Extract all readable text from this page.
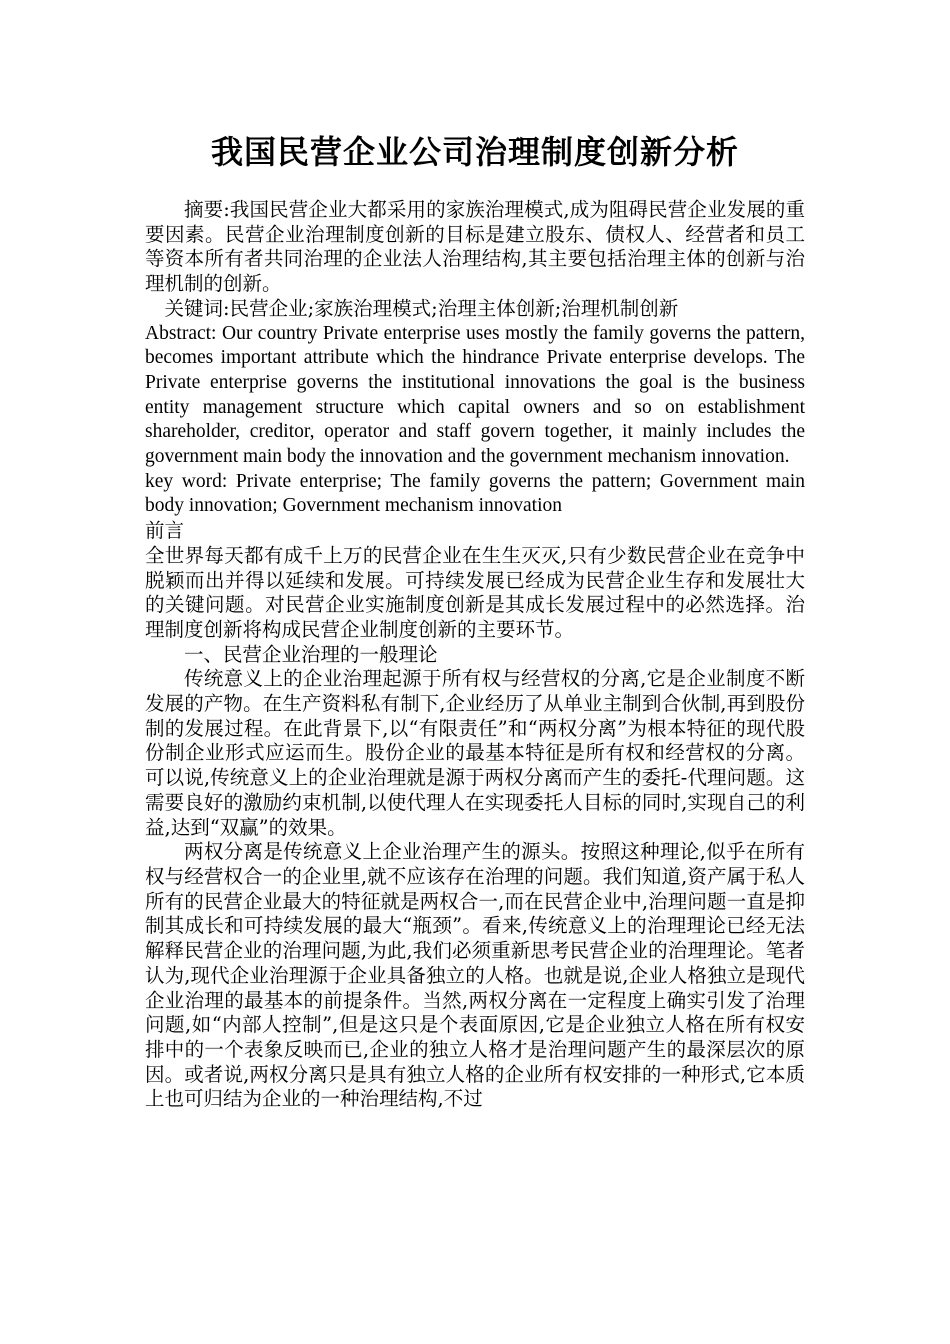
我国民营企业公司治理制度创新分析

摘要:我国民营企业大都采用的家族治理模式,成为阻碍民营企业发展的重要因素。民营企业治理制度创新的目标是建立股东、债权人、经营者和员工等资本所有者共同治理的企业法人治理结构,其主要包括治理主体的创新与治理机制的创新。

关键词:民营企业;家族治理模式;治理主体创新;治理机制创新

Abstract: Our country Private enterprise uses mostly the family governs the pattern, becomes important attribute which the hindrance Private enterprise develops. The Private enterprise governs the institutional innovations the goal is the business entity management structure which capital owners and so on establishment shareholder, creditor, operator and staff govern together, it mainly includes the government main body the innovation and the government mechanism innovation.

key word: Private enterprise; The family governs the pattern; Government main body innovation; Government mechanism innovation

前言

全世界每天都有成千上万的民营企业在生生灭灭,只有少数民营企业在竞争中脱颖而出并得以延续和发展。可持续发展已经成为民营企业生存和发展壮大的关键问题。对民营企业实施制度创新是其成长发展过程中的必然选择。治理制度创新将构成民营企业制度创新的主要环节。

一、民营企业治理的一般理论

传统意义上的企业治理起源于所有权与经营权的分离,它是企业制度不断发展的产物。在生产资料私有制下,企业经历了从单业主制到合伙制,再到股份制的发展过程。在此背景下,以“有限责任”和“两权分离”为根本特征的现代股份制企业形式应运而生。股份企业的最基本特征是所有权和经营权的分离。可以说,传统意义上的企业治理就是源于两权分离而产生的委托-代理问题。这需要良好的激励约束机制,以使代理人在实现委托人目标的同时,实现自己的利益,达到“双赢”的效果。

两权分离是传统意义上企业治理产生的源头。按照这种理论,似乎在所有权与经营权合一的企业里,就不应该存在治理的问题。我们知道,资产属于私人所有的民营企业最大的特征就是两权合一,而在民营企业中,治理问题一直是抑制其成长和可持续发展的最大“瓶颈”。看来,传统意义上的治理理论已经无法解释民营企业的治理问题,为此,我们必须重新思考民营企业的治理理论。笔者认为,现代企业治理源于企业具备独立的人格。也就是说,企业人格独立是现代企业治理的最基本的前提条件。当然,两权分离在一定程度上确实引发了治理问题,如“内部人控制”,但是这只是个表面原因,它是企业独立人格在所有权安排中的一个表象反映而已,企业的独立人格才是治理问题产生的最深层次的原因。或者说,两权分离只是具有独立人格的企业所有权安排的一种形式,它本质上也可归结为企业的一种治理结构,不过
